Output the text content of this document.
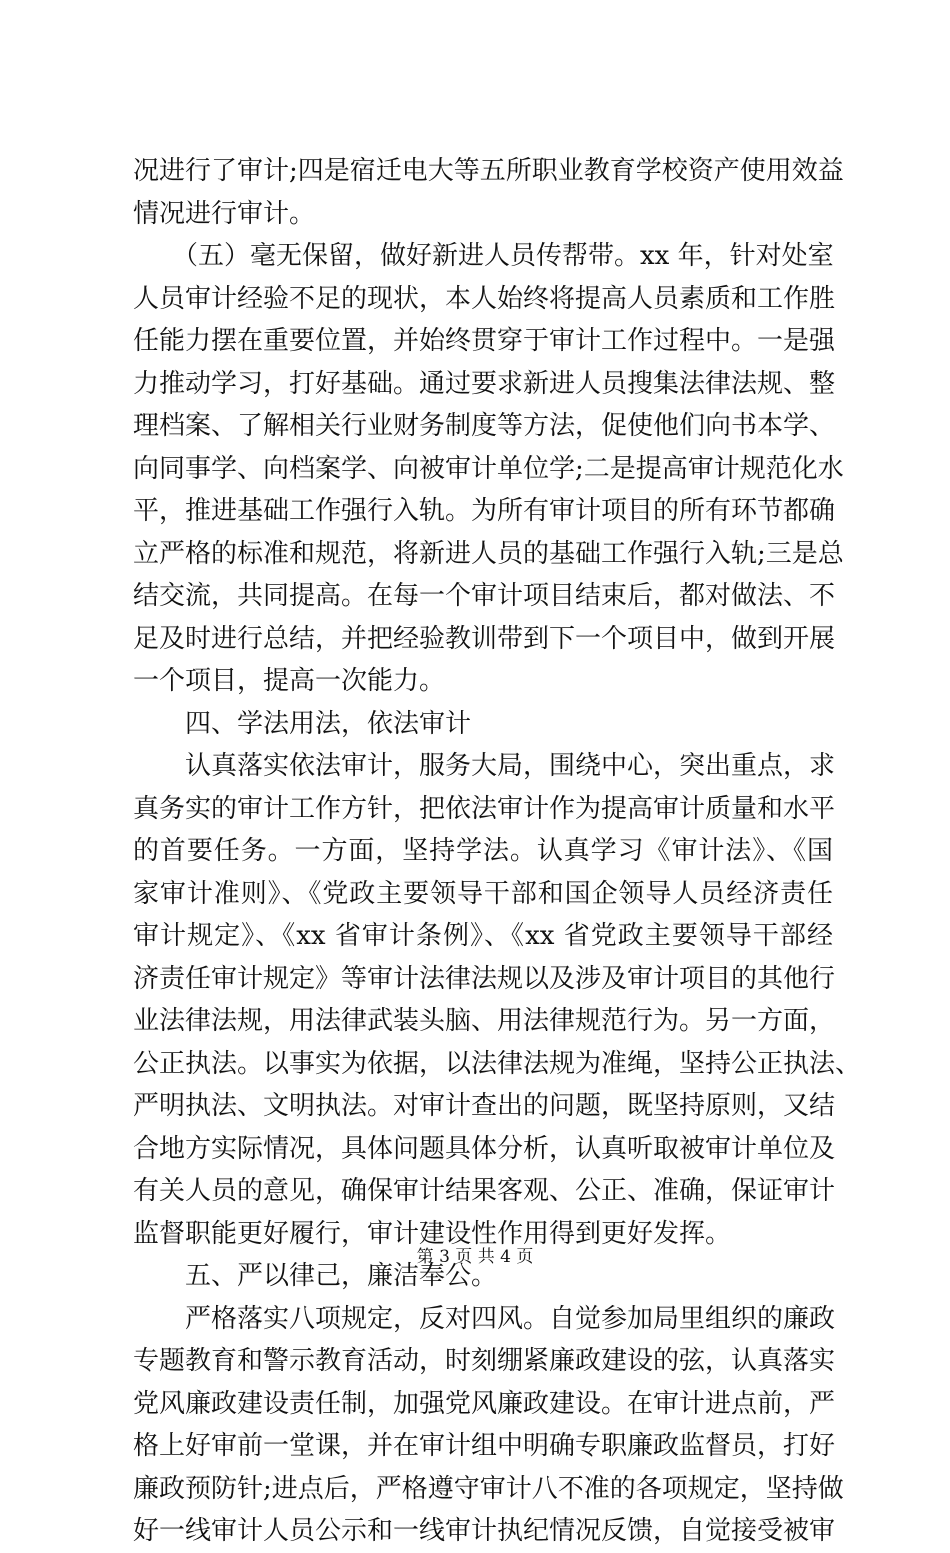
况进行了审计;四是宿迁电大等五所职业教育学校资产使用效益
情况进行审计。
　　（五）毫无保留，做好新进人员传帮带。xx 年，针对处室
人员审计经验不足的现状，本人始终将提高人员素质和工作胜
任能力摆在重要位置，并始终贯穿于审计工作过程中。一是强
力推动学习，打好基础。通过要求新进人员搜集法律法规、整
理档案、了解相关行业财务制度等方法，促使他们向书本学、
向同事学、向档案学、向被审计单位学;二是提高审计规范化水
平，推进基础工作强行入轨。为所有审计项目的所有环节都确
立严格的标准和规范，将新进人员的基础工作强行入轨;三是总
结交流，共同提高。在每一个审计项目结束后，都对做法、不
足及时进行总结，并把经验教训带到下一个项目中，做到开展
一个项目，提高一次能力。
　　四、学法用法，依法审计
　　认真落实依法审计，服务大局，围绕中心，突出重点，求
真务实的审计工作方针，把依法审计作为提高审计质量和水平
的首要任务。一方面，坚持学法。认真学习《审计法》、《国
家审计准则》、《党政主要领导干部和国企领导人员经济责任
审计规定》、《xx 省审计条例》、《xx 省党政主要领导干部经
济责任审计规定》等审计法律法规以及涉及审计项目的其他行
业法律法规，用法律武装头脑、用法律规范行为。另一方面，
公正执法。以事实为依据，以法律法规为准绳，坚持公正执法、
严明执法、文明执法。对审计查出的问题，既坚持原则，又结
合地方实际情况，具体问题具体分析，认真听取被审计单位及
有关人员的意见，确保审计结果客观、公正、准确，保证审计
监督职能更好履行，审计建设性作用得到更好发挥。
　　五、严以律己，廉洁奉公。
　　严格落实八项规定，反对四风。自觉参加局里组织的廉政
专题教育和警示教育活动，时刻绷紧廉政建设的弦，认真落实
党风廉政建设责任制，加强党风廉政建设。在审计进点前，严
格上好审前一堂课，并在审计组中明确专职廉政监督员，打好
廉政预防针;进点后，严格遵守审计八不准的各项规定，坚持做
好一线审计人员公示和一线审计执纪情况反馈，自觉接受被审
第 3 页 共 4 页
